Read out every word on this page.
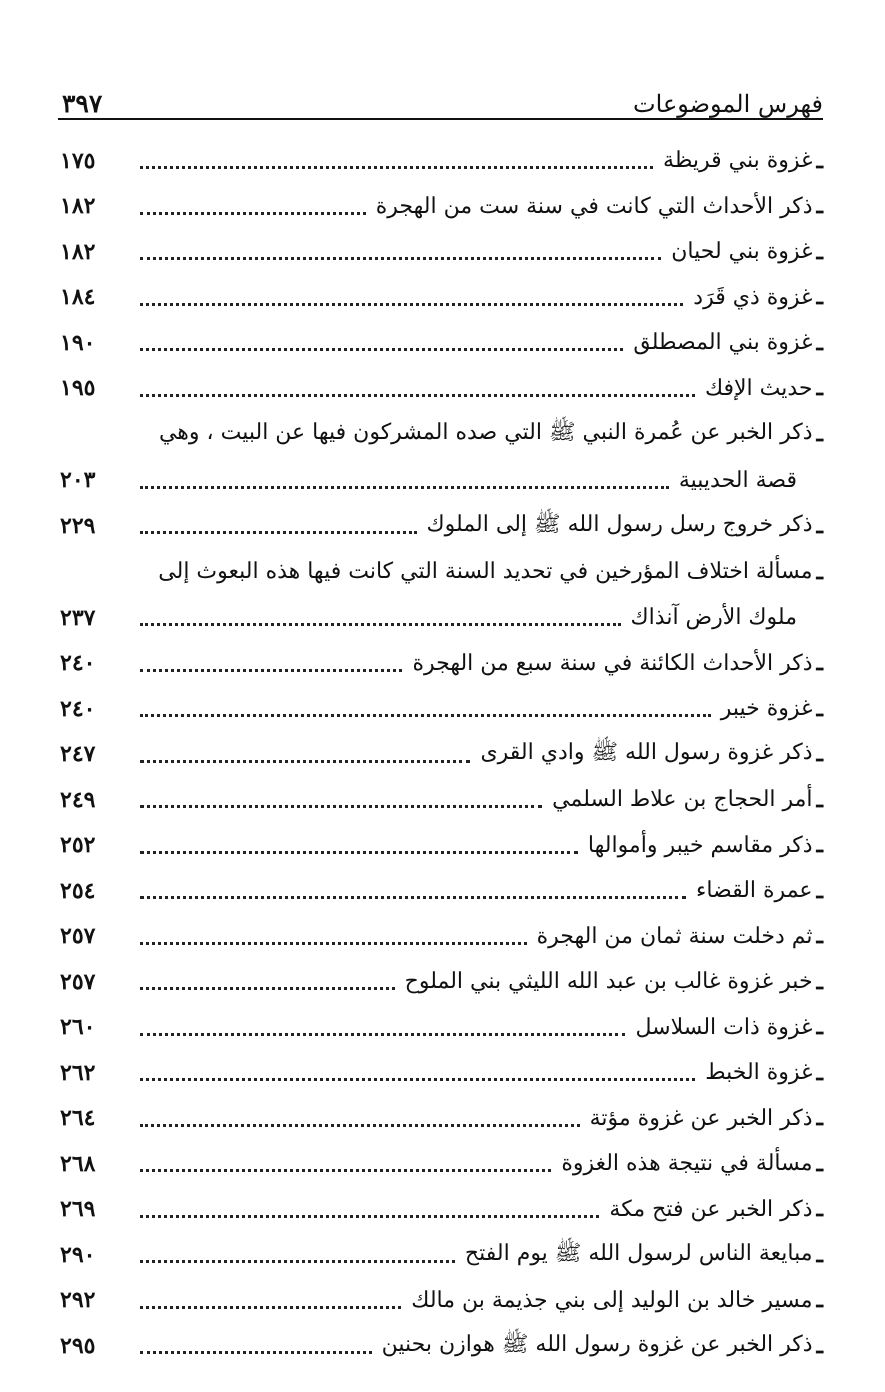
٣٩٧	فهرس الموضوعات
ـ
غزوة بني قريظة
١٧٥
ـ
ذكر الأحداث التي كانت في سنة ست من الهجرة
١٨٢
ـ
غزوة بني لحيان
١٨٢
ـ
غزوة ذي قَرَد
١٨٤
ـ
غزوة بني المصطلق
١٩٠
ـ
حديث الإفك
١٩٥
ـ
ذكر الخبر عن عُمرة النبي ﷺ التي صده المشركون فيها عن البيت ، وهي
قصة الحديبية
٢٠٣
ـ
ذكر خروج رسل رسول الله ﷺ إلى الملوك
٢٢٩
ـ
مسألة اختلاف المؤرخين في تحديد السنة التي كانت فيها هذه البعوث إلى
ملوك الأرض آنذاك
٢٣٧
ـ
ذكر الأحداث الكائنة في سنة سبع من الهجرة
٢٤٠
ـ
غزوة خيبر
٢٤٠
ـ
ذكر غزوة رسول الله ﷺ وادي القرى
٢٤٧
ـ
أمر الحجاج بن علاط السلمي
٢٤٩
ـ
ذكر مقاسم خيبر وأموالها
٢٥٢
ـ
عمرة القضاء
٢٥٤
ـ
ثم دخلت سنة ثمان من الهجرة
٢٥٧
ـ
خبر غزوة غالب بن عبد الله الليثي بني الملوح
٢٥٧
ـ
غزوة ذات السلاسل
٢٦٠
ـ
غزوة الخبط
٢٦٢
ـ
ذكر الخبر عن غزوة مؤتة
٢٦٤
ـ
مسألة في نتيجة هذه الغزوة
٢٦٨
ـ
ذكر الخبر عن فتح مكة
٢٦٩
ـ
مبايعة الناس لرسول الله ﷺ يوم الفتح
٢٩٠
ـ
مسير خالد بن الوليد إلى بني جذيمة بن مالك
٢٩٢
ـ
ذكر الخبر عن غزوة رسول الله ﷺ هوازن بحنين
٢٩٥
